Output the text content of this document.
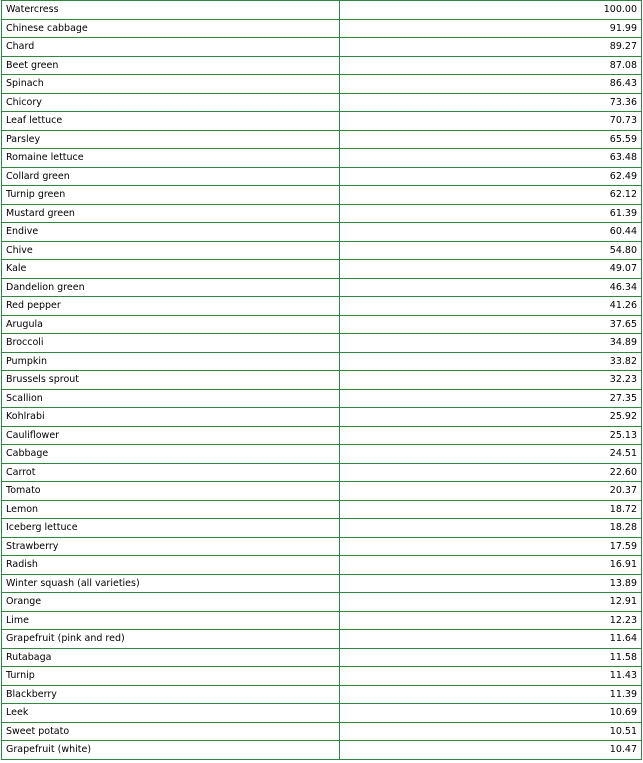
Watercress	100.00
Chinese cabbage	91.99
Chard	89.27
Beet green	87.08
Spinach	86.43
Chicory	73.36
Leaf lettuce	70.73
Parsley	65.59
Romaine lettuce	63.48
Collard green	62.49
Turnip green	62.12
Mustard green	61.39
Endive	60.44
Chive	54.80
Kale	49.07
Dandelion green	46.34
Red pepper	41.26
Arugula	37.65
Broccoli	34.89
Pumpkin	33.82
Brussels sprout	32.23
Scallion	27.35
Kohlrabi	25.92
Cauliflower	25.13
Cabbage	24.51
Carrot	22.60
Tomato	20.37
Lemon	18.72
Iceberg lettuce	18.28
Strawberry	17.59
Radish	16.91
Winter squash (all varieties)	13.89
Orange	12.91
Lime	12.23
Grapefruit (pink and red)	11.64
Rutabaga	11.58
Turnip	11.43
Blackberry	11.39
Leek	10.69
Sweet potato	10.51
Grapefruit (white)	10.47
